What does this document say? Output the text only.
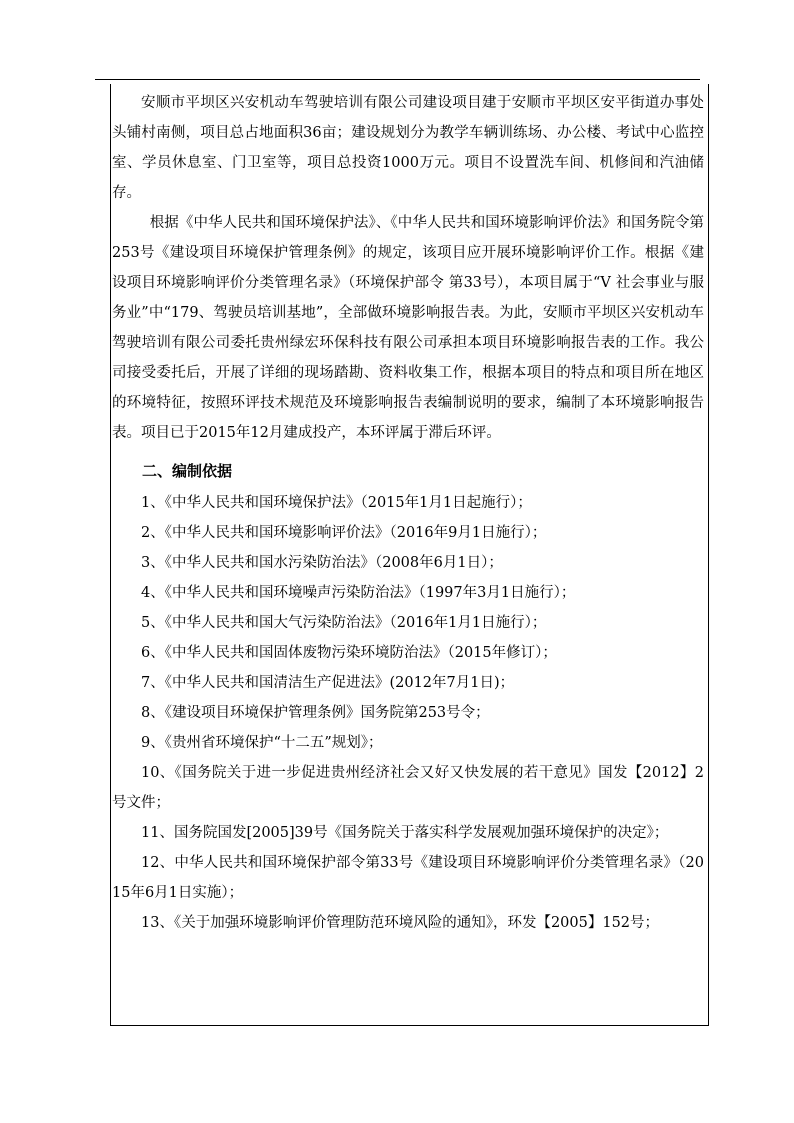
安顺市平坝区兴安机动车驾驶培训有限公司建设项目建于安顺市平坝区安平街道办事处头铺村南侧，项目总占地面积36亩；建设规划分为教学车辆训练场、办公楼、考试中心监控室、学员休息室、门卫室等，项目总投资1000万元。项目不设置洗车间、机修间和汽油储存。

根据《中华人民共和国环境保护法》、《中华人民共和国环境影响评价法》和国务院令第253号《建设项目环境保护管理条例》的规定，该项目应开展环境影响评价工作。根据《建设项目环境影响评价分类管理名录》（环境保护部令 第33号），本项目属于“V 社会事业与服务业”中“179、驾驶员培训基地”，全部做环境影响报告表。为此，安顺市平坝区兴安机动车驾驶培训有限公司委托贵州绿宏环保科技有限公司承担本项目环境影响报告表的工作。我公司接受委托后，开展了详细的现场踏勘、资料收集工作，根据本项目的特点和项目所在地区的环境特征，按照环评技术规范及环境影响报告表编制说明的要求，编制了本环境影响报告表。项目已于2015年12月建成投产，本环评属于滞后环评。

二、编制依据
1、《中华人民共和国环境保护法》（2015年1月1日起施行）；
2、《中华人民共和国环境影响评价法》（2016年9月1日施行）；
3、《中华人民共和国水污染防治法》（2008年6月1日）；
4、《中华人民共和国环境噪声污染防治法》（1997年3月1日施行）；
5、《中华人民共和国大气污染防治法》（2016年1月1日施行）；
6、《中华人民共和国固体废物污染环境防治法》（2015年修订）；
7、《中华人民共和国清洁生产促进法》(2012年7月1日)；
8、《建设项目环境保护管理条例》国务院第253号令；
9、《贵州省环境保护“十二五”规划》；
10、《国务院关于进一步促进贵州经济社会又好又快发展的若干意见》国发【2012】2号文件；
11、国务院国发[2005]39号《国务院关于落实科学发展观加强环境保护的决定》；
12、中华人民共和国环境保护部令第33号《建设项目环境影响评价分类管理名录》（2015年6月1日实施）；
13、《关于加强环境影响评价管理防范环境风险的通知》，环发【2005】152号；
